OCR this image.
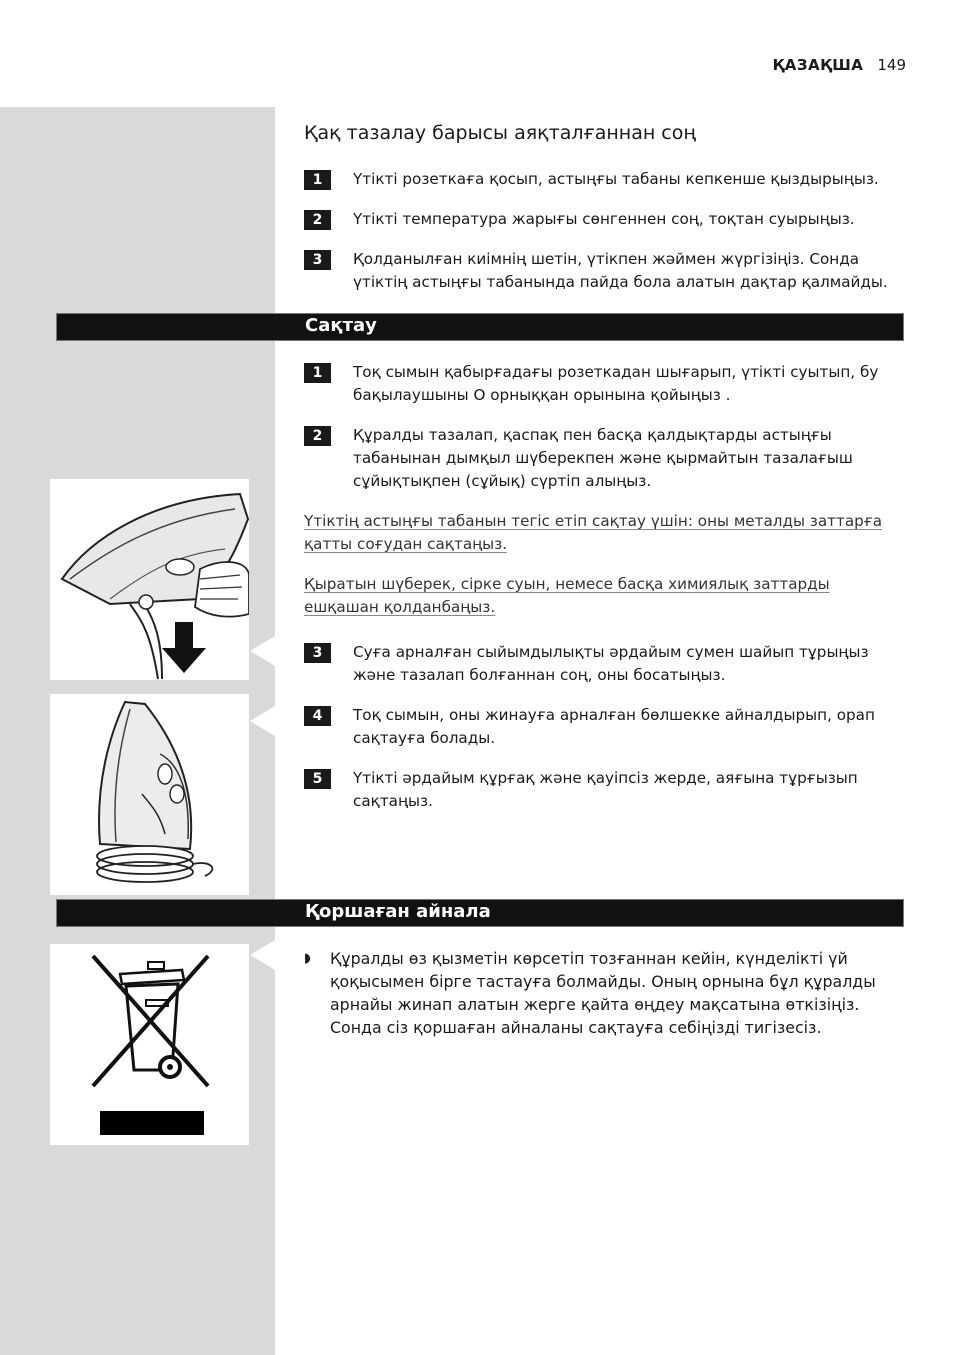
ҚАЗАҚША 149
Қақ тазалау барысы аяқталғаннан соң
1	Үтікті розеткаға қосып, астыңғы табаны кепкенше қыздырыңыз.
2	Үтікті температура жарығы сөнгеннен соң, тоқтан суырыңыз.
3	Қолданылған киімнің шетін, үтікпен жәймен жүргізіңіз. Сонда үтіктің астыңғы табанында пайда бола алатын дақтар қалмайды.
Сақтау
1	Тоқ сымын қабырғадағы розеткадан шығарып, үтікті суытып, бу бақылаушыны O орныққан орынына қойыңыз .
2	Құралды тазалап, қаспақ пен басқа қалдықтарды астыңғы табанынан дымқыл шүберекпен және қырмайтын тазалағыш сұйықтықпен (сұйық) сүртіп алыңыз.
Үтіктің астыңғы табанын тегіс етіп сақтау үшін: оны металды заттарға қатты соғудан сақтаңыз.
Қыратын шүберек, сірке суын, немесе басқа химиялық заттарды ешқашан қолданбаңыз.
3	Суға арналған сыйымдылықты әрдайым сумен шайып тұрыңыз және тазалап болғаннан соң, оны босатыңыз.
4	Тоқ сымын, оны жинауға арналған бөлшекке айналдырып, орап сақтауға болады.
5	Үтікті әрдайым құрғақ және қауіпсіз жерде, аяғына тұрғызып сақтаңыз.
Қоршаған айнала
◗ Құралды өз қызметін көрсетіп тозғаннан кейін, күнделікті үй қоқысымен бірге тастауға болмайды. Оның орнына бұл құралды арнайы жинап алатын жерге қайта өңдеу мақсатына өткізіңіз. Сонда сіз қоршаған айналаны сақтауға себіңізді тигізесіз.
